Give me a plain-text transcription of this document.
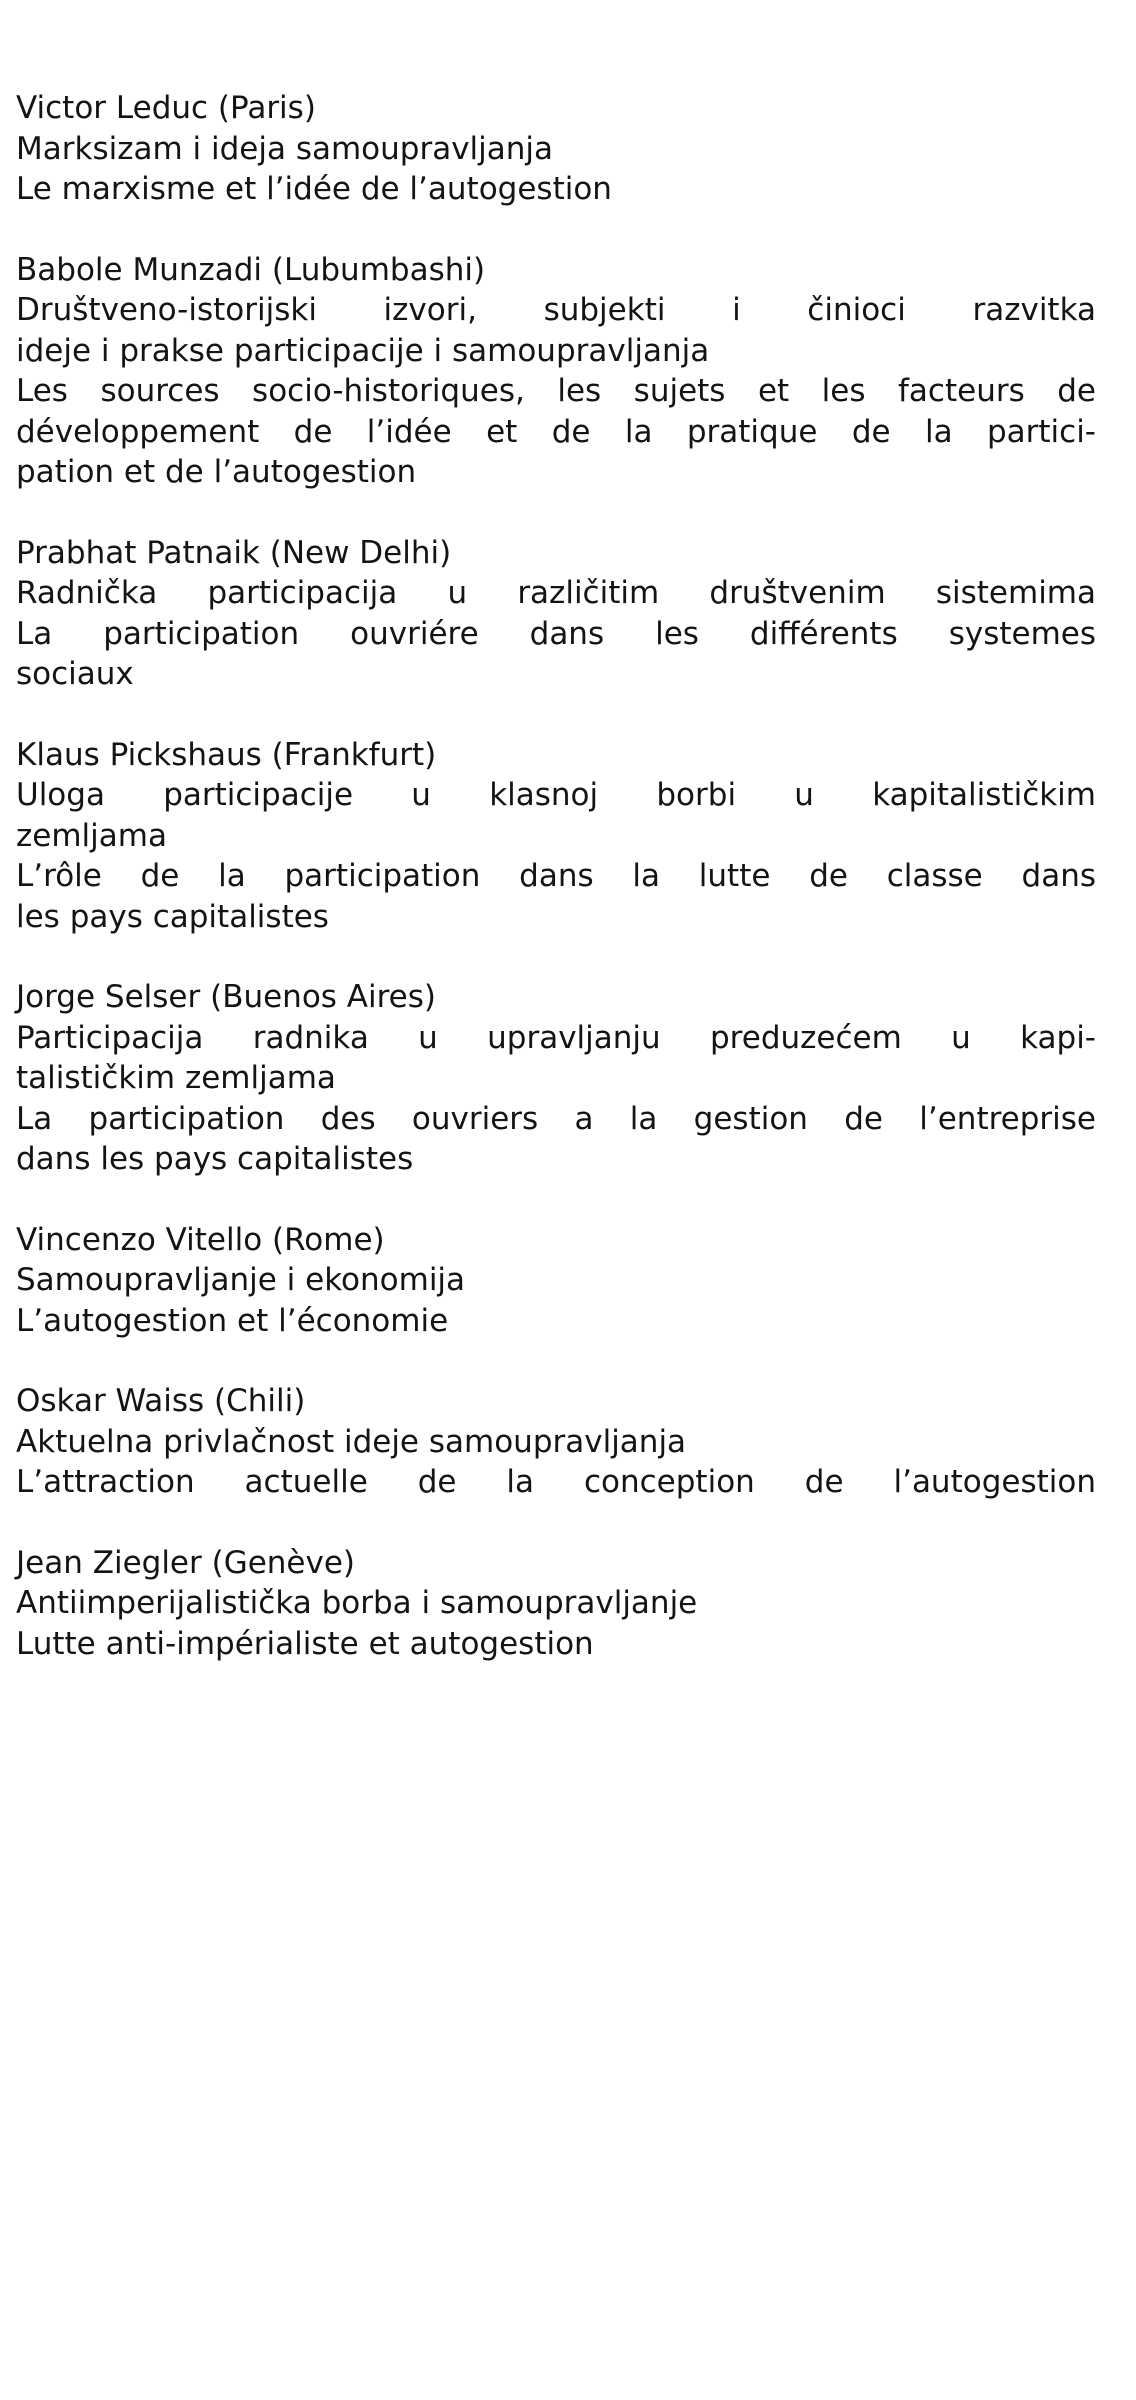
Victor Leduc (Paris)
Marksizam i ideja samoupravljanja
Le marxisme et l’idée de l’autogestion
Babole Munzadi (Lubumbashi)
Društveno-istorijski izvori, subjekti i činioci razvitka
ideje i prakse participacije i samoupravljanja
Les sources socio-historiques, les sujets et les facteurs de
développement de l’idée et de la pratique de la partici-
pation et de l’autogestion
Prabhat Patnaik (New Delhi)
Radnička participacija u različitim društvenim sistemima
La participation ouvriére dans les différents systemes
sociaux
Klaus Pickshaus (Frankfurt)
Uloga participacije u klasnoj borbi u kapitalističkim
zemljama
L’rôle de la participation dans la lutte de classe dans
les pays capitalistes
Jorge Selser (Buenos Aires)
Participacija radnika u upravljanju preduzećem u kapi-
talističkim zemljama
La participation des ouvriers a la gestion de l’entreprise
dans les pays capitalistes
Vincenzo Vitello (Rome)
Samoupravljanje i ekonomija
L’autogestion et l’économie
Oskar Waiss (Chili)
Aktuelna privlačnost ideje samoupravljanja
L’attraction actuelle de la conception de l’autogestion
Jean Ziegler (Genève)
Antiimperijalistička borba i samoupravljanje
Lutte anti-impérialiste et autogestion
